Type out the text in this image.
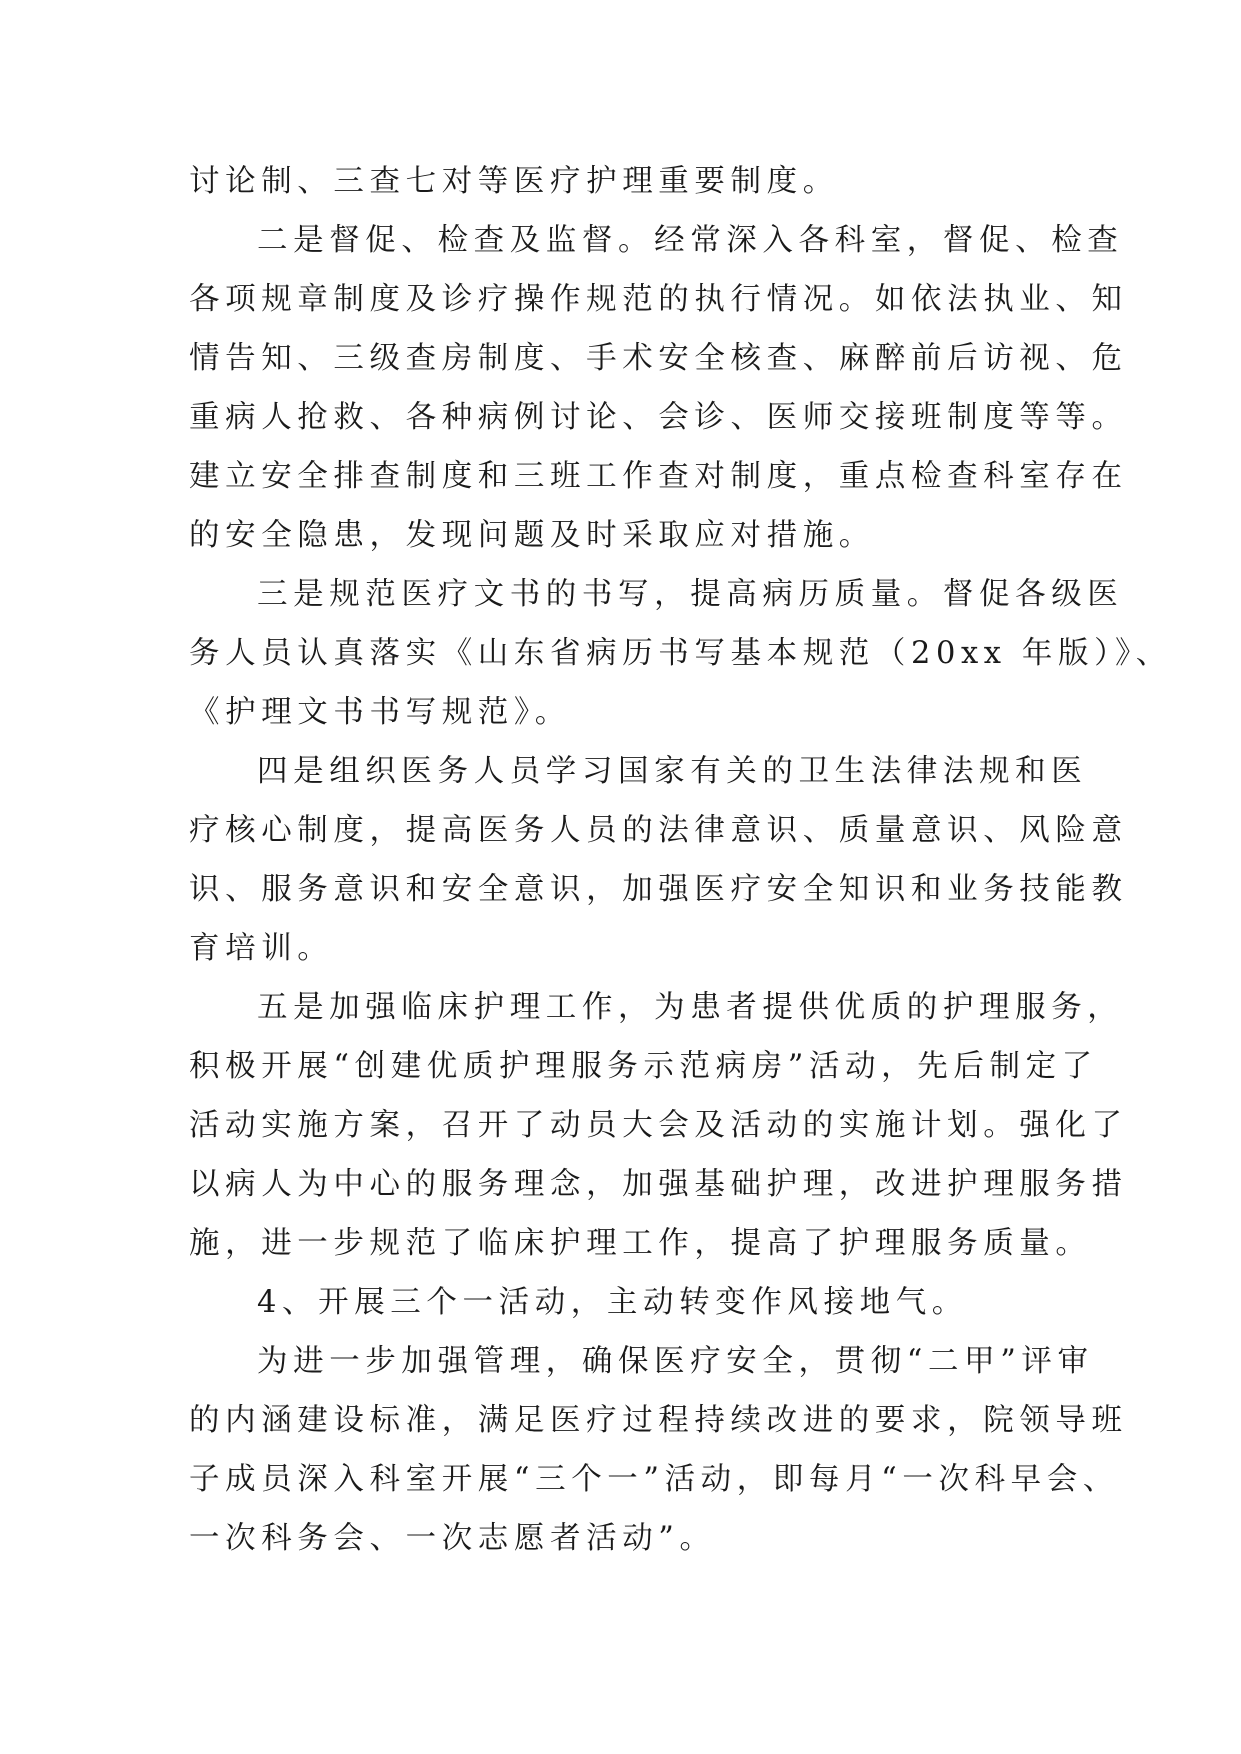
讨论制、三查七对等医疗护理重要制度。
二是督促、检查及监督。经常深入各科室，督促、检查
各项规章制度及诊疗操作规范的执行情况。如依法执业、知
情告知、三级查房制度、手术安全核查、麻醉前后访视、危
重病人抢救、各种病例讨论、会诊、医师交接班制度等等。
建立安全排查制度和三班工作查对制度，重点检查科室存在
的安全隐患，发现问题及时采取应对措施。
三是规范医疗文书的书写，提高病历质量。督促各级医
务人员认真落实《山东省病历书写基本规范（20xx 年版）》、
《护理文书书写规范》。
四是组织医务人员学习国家有关的卫生法律法规和医
疗核心制度，提高医务人员的法律意识、质量意识、风险意
识、服务意识和安全意识，加强医疗安全知识和业务技能教
育培训。
五是加强临床护理工作，为患者提供优质的护理服务，
积极开展“创建优质护理服务示范病房”活动，先后制定了
活动实施方案，召开了动员大会及活动的实施计划。强化了
以病人为中心的服务理念，加强基础护理，改进护理服务措
施，进一步规范了临床护理工作，提高了护理服务质量。
4、开展三个一活动，主动转变作风接地气。
为进一步加强管理，确保医疗安全，贯彻“二甲”评审
的内涵建设标准，满足医疗过程持续改进的要求，院领导班
子成员深入科室开展“三个一”活动，即每月“一次科早会、
一次科务会、一次志愿者活动”。
